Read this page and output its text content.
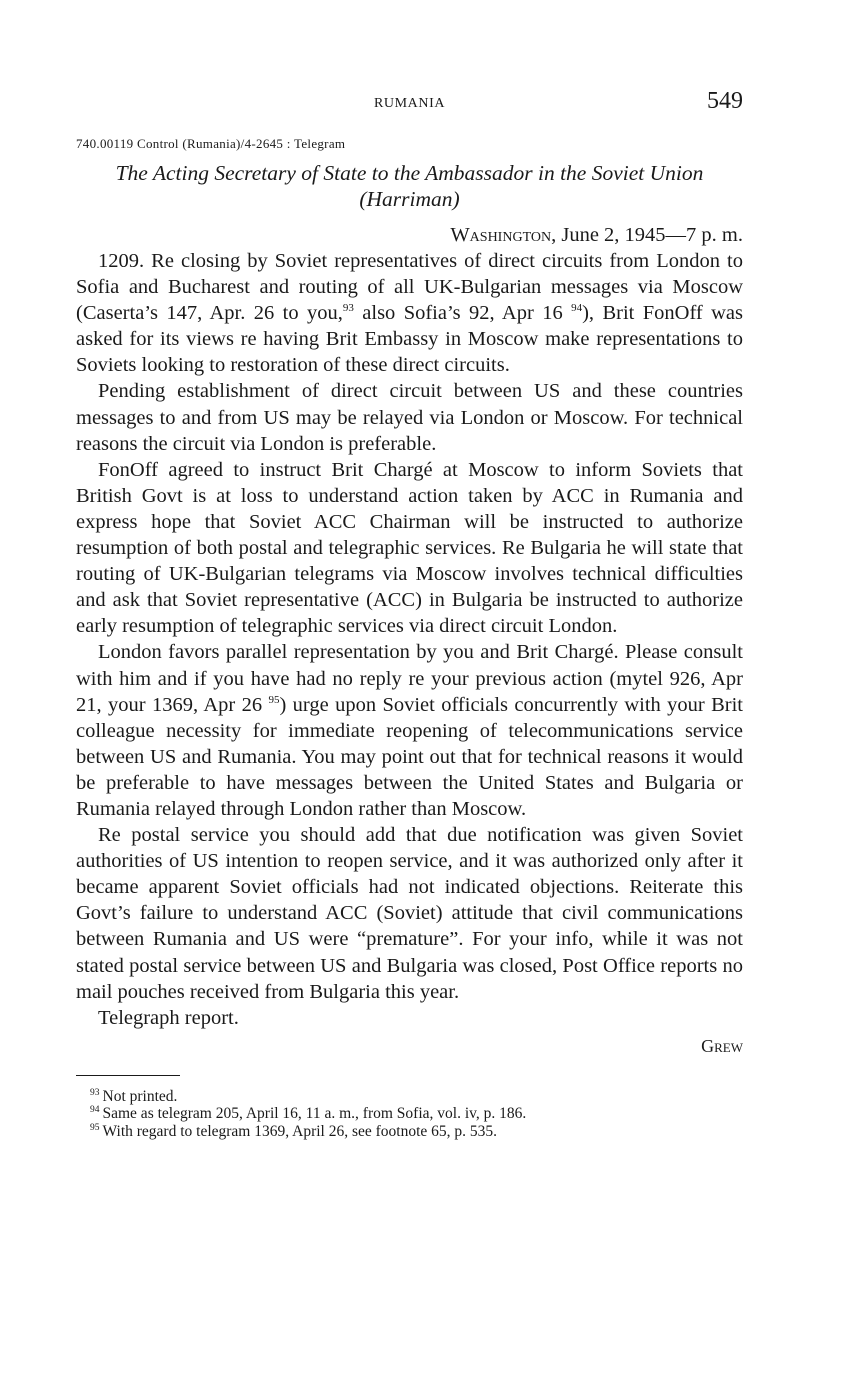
RUMANIA	549
740.00119 Control (Rumania)/4-2645 : Telegram
The Acting Secretary of State to the Ambassador in the Soviet Union
(Harriman)
Washington, June 2, 1945—7 p. m.

1209. Re closing by Soviet representatives of direct circuits from London to Sofia and Bucharest and routing of all UK-Bulgarian messages via Moscow (Caserta’s 147, Apr. 26 to you,$^{93}$ also Sofia’s 92, Apr 16 $^{94}$), Brit FonOff was asked for its views re having Brit Embassy in Moscow make representations to Soviets looking to restoration of these direct circuits.

Pending establishment of direct circuit between US and these countries messages to and from US may be relayed via London or Moscow. For technical reasons the circuit via London is preferable.

FonOff agreed to instruct Brit Chargé at Moscow to inform Soviets that British Govt is at loss to understand action taken by ACC in Rumania and express hope that Soviet ACC Chairman will be instructed to authorize resumption of both postal and telegraphic services. Re Bulgaria he will state that routing of UK-Bulgarian telegrams via Moscow involves technical difficulties and ask that Soviet representative (ACC) in Bulgaria be instructed to authorize early resumption of telegraphic services via direct circuit London.

London favors parallel representation by you and Brit Chargé. Please consult with him and if you have had no reply re your previous action (mytel 926, Apr 21, your 1369, Apr 26 $^{95}$) urge upon Soviet officials concurrently with your Brit colleague necessity for immediate reopening of telecommunications service between US and Rumania. You may point out that for technical reasons it would be preferable to have messages between the United States and Bulgaria or Rumania relayed through London rather than Moscow.

Re postal service you should add that due notification was given Soviet authorities of US intention to reopen service, and it was authorized only after it became apparent Soviet officials had not indicated objections. Reiterate this Govt’s failure to understand ACC (Soviet) attitude that civil communications between Rumania and US were “premature”. For your info, while it was not stated postal service between US and Bulgaria was closed, Post Office reports no mail pouches received from Bulgaria this year.

Telegraph report.

Grew
$^{93}$ Not printed.
$^{94}$ Same as telegram 205, April 16, 11 a. m., from Sofia, vol. iv, p. 186.
$^{95}$ With regard to telegram 1369, April 26, see footnote 65, p. 535.
